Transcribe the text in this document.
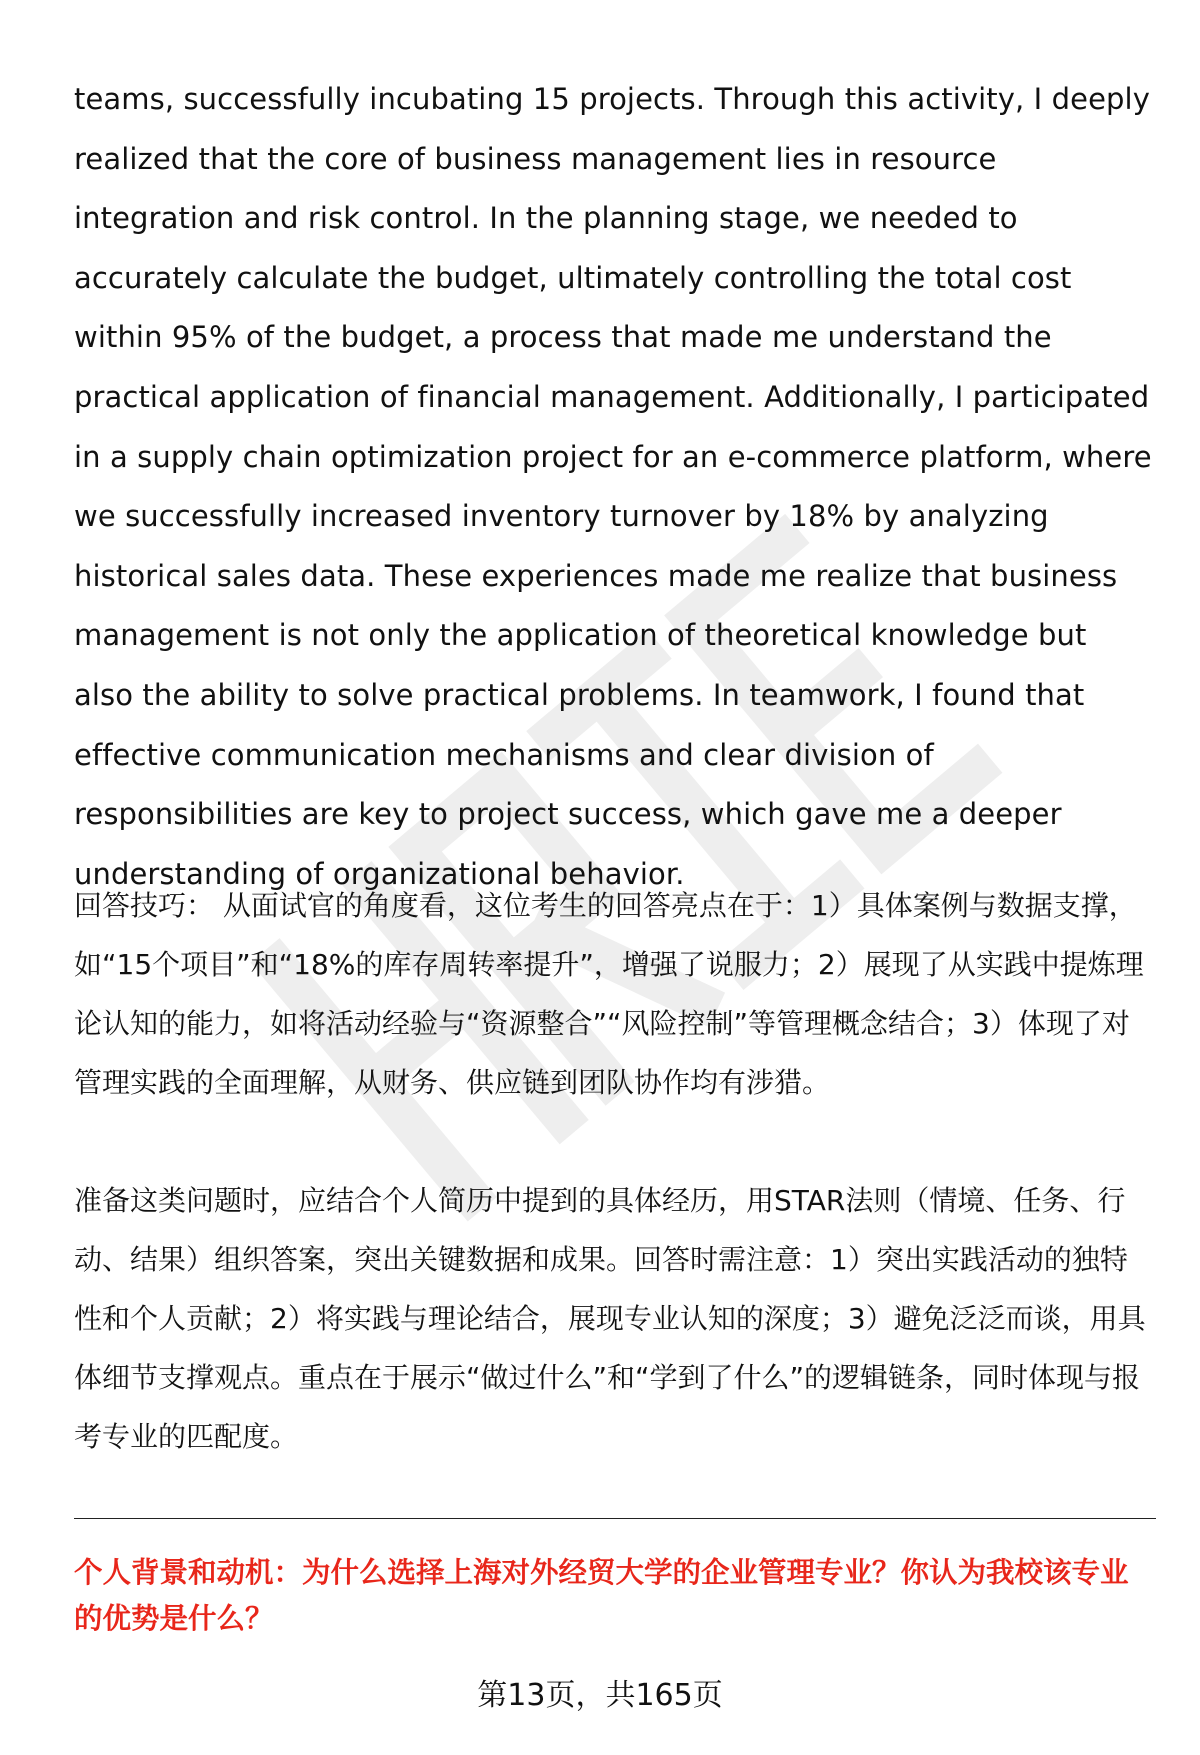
teams, successfully incubating 15 projects. Through this activity, I deeply realized that the core of business management lies in resource integration and risk control. In the planning stage, we needed to accurately calculate the budget, ultimately controlling the total cost within 95% of the budget, a process that made me understand the practical application of financial management. Additionally, I participated in a supply chain optimization project for an e-commerce platform, where we successfully increased inventory turnover by 18% by analyzing historical sales data. These experiences made me realize that business management is not only the application of theoretical knowledge but also the ability to solve practical problems. In teamwork, I found that effective communication mechanisms and clear division of responsibilities are key to project success, which gave me a deeper understanding of organizational behavior.
回答技巧： 从面试官的角度看，这位考生的回答亮点在于：1）具体案例与数据支撑，如“15个项目”和“18%的库存周转率提升”，增强了说服力；2）展现了从实践中提炼理论认知的能力，如将活动经验与“资源整合”“风险控制”等管理概念结合；3）体现了对管理实践的全面理解，从财务、供应链到团队协作均有涉猎。
准备这类问题时，应结合个人简历中提到的具体经历，用STAR法则（情境、任务、行动、结果）组织答案，突出关键数据和成果。回答时需注意：1）突出实践活动的独特性和个人贡献；2）将实践与理论结合，展现专业认知的深度；3）避免泛泛而谈，用具体细节支撑观点。重点在于展示“做过什么”和“学到了什么”的逻辑链条，同时体现与报考专业的匹配度。
个人背景和动机：为什么选择上海对外经贸大学的企业管理专业？你认为我校该专业的优势是什么？
第13页，共165页
